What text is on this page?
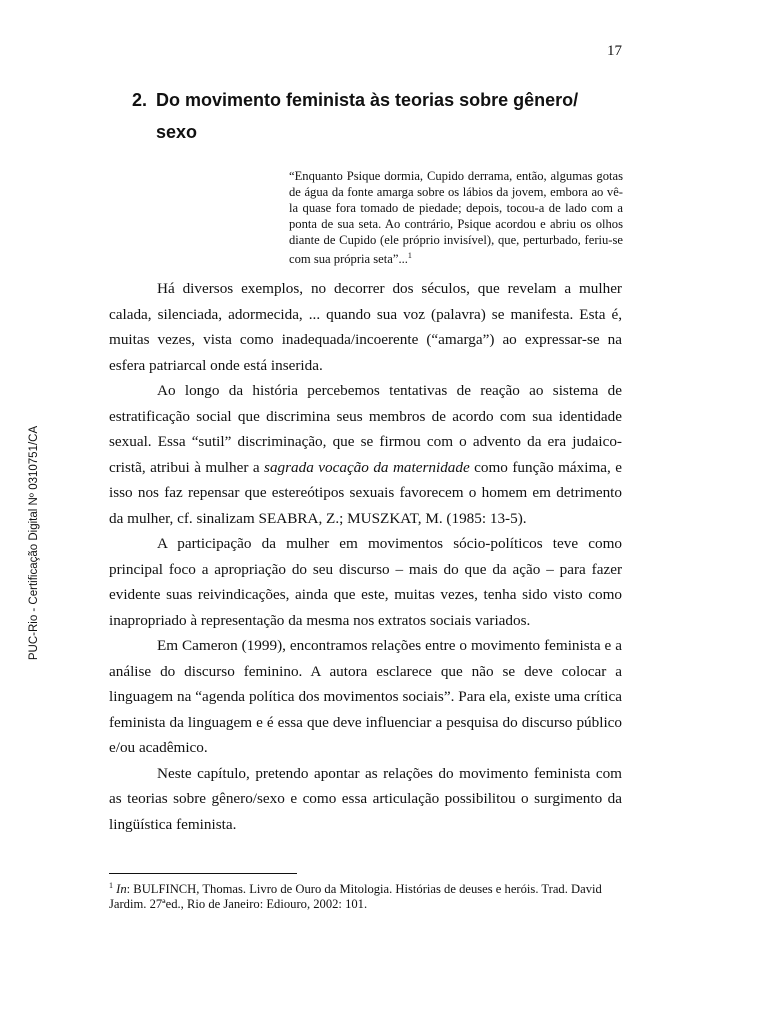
17
PUC-Rio - Certificação Digital Nº 0310751/CA
2. Do movimento feminista às teorias sobre gênero/ sexo

“Enquanto Psique dormia, Cupido derrama, então, algumas gotas de água da fonte amarga sobre os lábios da jovem, embora ao vê-la quase fora tomado de piedade; depois, tocou-a de lado com a ponta de sua seta. Ao contrário, Psique acordou e abriu os olhos diante de Cupido (ele próprio invisível), que, perturbado, feriu-se com sua própria seta”...$^1$

Há diversos exemplos, no decorrer dos séculos, que revelam a mulher calada, silenciada, adormecida, ... quando sua voz (palavra) se manifesta. Esta é, muitas vezes, vista como inadequada/incoerente (“amarga”) ao expressar-se na esfera patriarcal onde está inserida.

Ao longo da história percebemos tentativas de reação ao sistema de estratificação social que discrimina seus membros de acordo com sua identidade sexual. Essa “sutil” discriminação, que se firmou com o advento da era judaico-cristã, atribui à mulher a sagrada vocação da maternidade como função máxima, e isso nos faz repensar que estereótipos sexuais favorecem o homem em detrimento da mulher, cf. sinalizam SEABRA, Z.; MUSZKAT, M. (1985: 13-5).

A participação da mulher em movimentos sócio-políticos teve como principal foco a apropriação do seu discurso – mais do que da ação – para fazer evidente suas reivindicações, ainda que este, muitas vezes, tenha sido visto como inapropriado à representação da mesma nos extratos sociais variados.

Em Cameron (1999), encontramos relações entre o movimento feminista e a análise do discurso feminino. A autora esclarece que não se deve colocar a linguagem na “agenda política dos movimentos sociais”. Para ela, existe uma crítica feminista da linguagem e é essa que deve influenciar a pesquisa do discurso público e/ou acadêmico.

Neste capítulo, pretendo apontar as relações do movimento feminista com as teorias sobre gênero/sexo e como essa articulação possibilitou o surgimento da lingüística feminista.

$^1$ In: BULFINCH, Thomas. Livro de Ouro da Mitologia. Histórias de deuses e heróis. Trad. David Jardim. 27ªed., Rio de Janeiro: Ediouro, 2002: 101.
